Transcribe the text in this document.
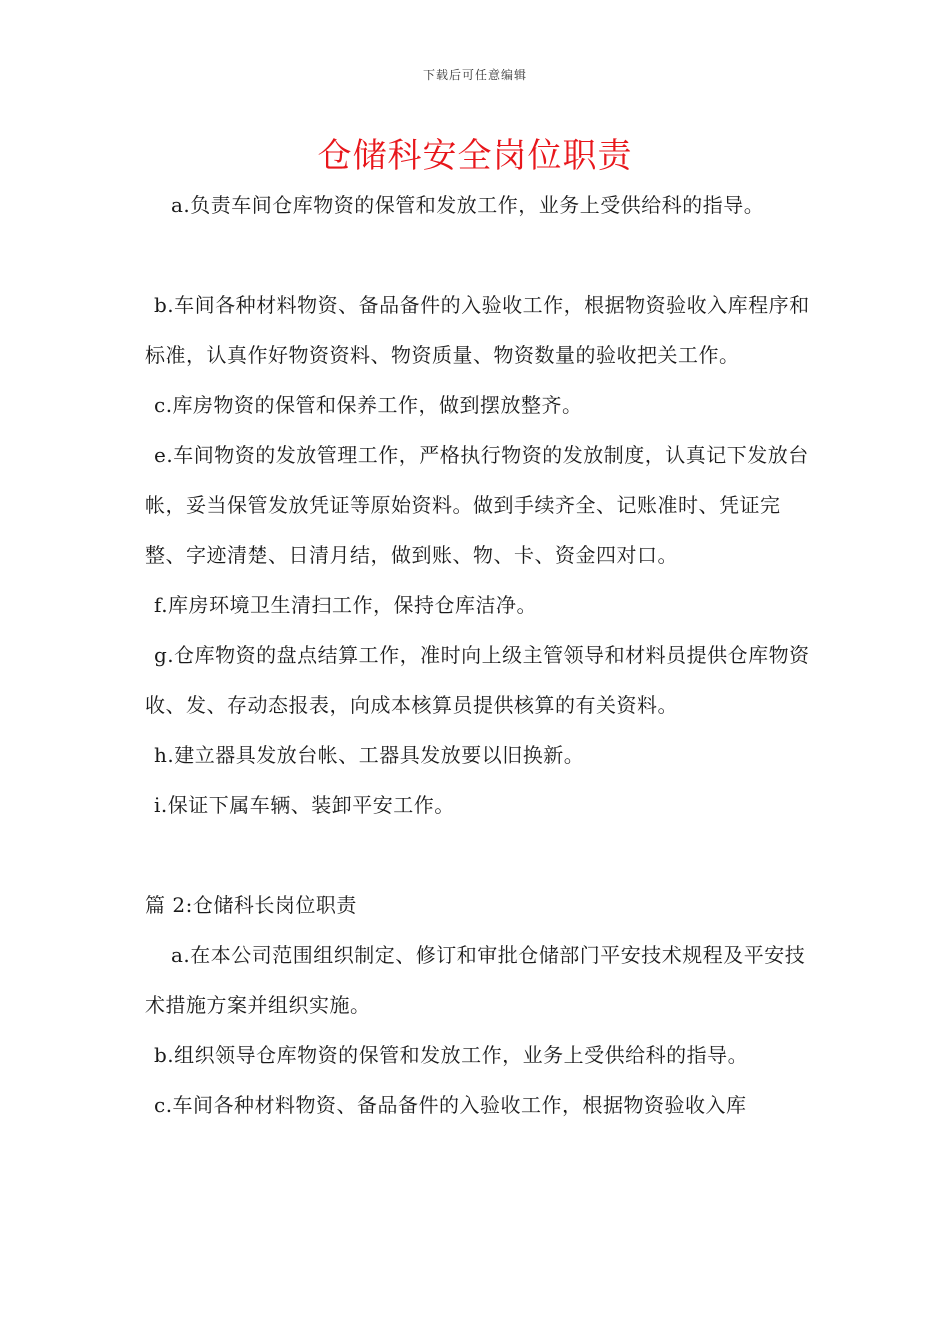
下载后可任意编辑
仓储科安全岗位职责

a.负责车间仓库物资的保管和发放工作，业务上受供给科的指导。

b.车间各种材料物资、备品备件的入验收工作，根据物资验收入库程序和标准，认真作好物资资料、物资质量、物资数量的验收把关工作。

c.库房物资的保管和保养工作，做到摆放整齐。

e.车间物资的发放管理工作，严格执行物资的发放制度，认真记下发放台帐，妥当保管发放凭证等原始资料。做到手续齐全、记账准时、凭证完整、字迹清楚、日清月结，做到账、物、卡、资金四对口。

f.库房环境卫生清扫工作，保持仓库洁净。

g.仓库物资的盘点结算工作，准时向上级主管领导和材料员提供仓库物资收、发、存动态报表，向成本核算员提供核算的有关资料。

h.建立器具发放台帐、工器具发放要以旧换新。

i.保证下属车辆、装卸平安工作。

篇 2:仓储科长岗位职责

a.在本公司范围组织制定、修订和审批仓储部门平安技术规程及平安技术措施方案并组织实施。

b.组织领导仓库物资的保管和发放工作，业务上受供给科的指导。

c.车间各种材料物资、备品备件的入验收工作，根据物资验收入库
